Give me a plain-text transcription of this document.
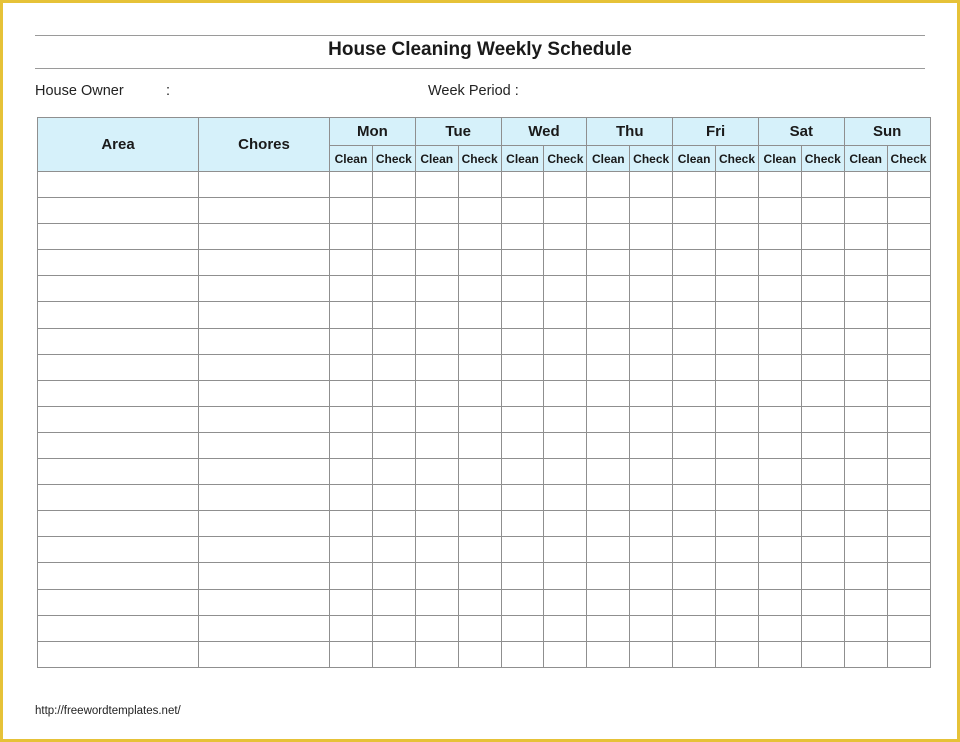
House Cleaning Weekly Schedule
House Owner	:	Week Period :
Area	Chores	Mon		Tue		Wed		Thu		Fri		Sat		Sun	
		Clean	Check	Clean	Check	Clean	Check	Clean	Check	Clean	Check	Clean	Check	Clean	Check

http://freewordtemplates.net/
